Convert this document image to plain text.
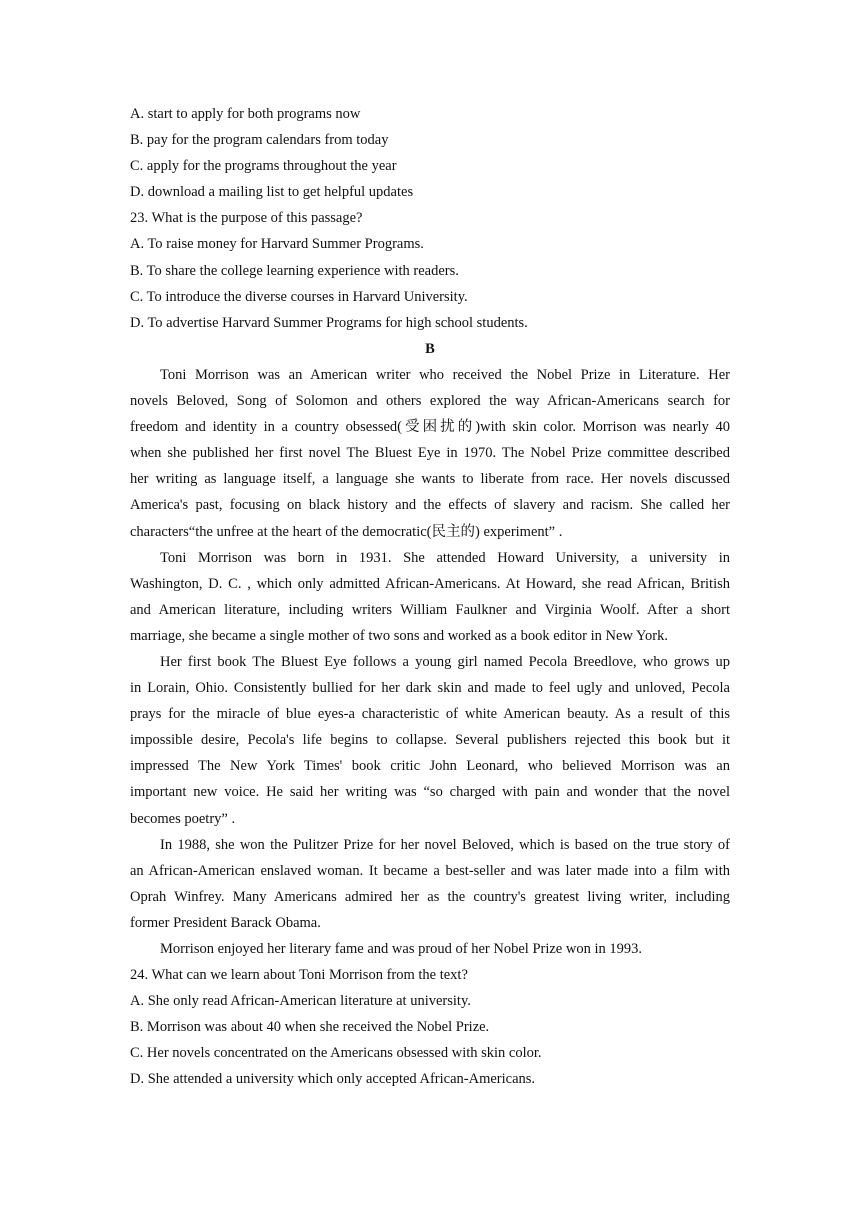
A. start to apply for both programs now
B. pay for the program calendars from today
C. apply for the programs throughout the year
D. download a mailing list to get helpful updates
23. What is the purpose of this passage?
A. To raise money for Harvard Summer Programs.
B. To share the college learning experience with readers.
C. To introduce the diverse courses in Harvard University.
D. To advertise Harvard Summer Programs for high school students.
B
Toni Morrison was an American writer who received the Nobel Prize in Literature. Her
novels Beloved, Song of Solomon and others explored the way African-Americans search for
freedom and identity in a country obsessed(受困扰的)with skin color. Morrison was nearly 40
when she published her first novel The Bluest Eye in 1970. The Nobel Prize committee described
her writing as language itself, a language she wants to liberate from race. Her novels discussed
America's past, focusing on black history and the effects of slavery and racism. She called her
characters“the unfree at the heart of the democratic(民主的) experiment” .
Toni Morrison was born in 1931. She attended Howard University, a university in
Washington, D. C. , which only admitted African-Americans. At Howard, she read African, British
and American literature, including writers William Faulkner and Virginia Woolf. After a short
marriage, she became a single mother of two sons and worked as a book editor in New York.
Her first book The Bluest Eye follows a young girl named Pecola Breedlove, who grows up
in Lorain, Ohio. Consistently bullied for her dark skin and made to feel ugly and unloved, Pecola
prays for the miracle of blue eyes-a characteristic of white American beauty. As a result of this
impossible desire, Pecola's life begins to collapse. Several publishers rejected this book but it
impressed The New York Times' book critic John Leonard, who believed Morrison was an
important new voice. He said her writing was “so charged with pain and wonder that the novel
becomes poetry” .
In 1988, she won the Pulitzer Prize for her novel Beloved, which is based on the true story of
an African-American enslaved woman. It became a best-seller and was later made into a film with
Oprah Winfrey. Many Americans admired her as the country's greatest living writer, including
former President Barack Obama.
Morrison enjoyed her literary fame and was proud of her Nobel Prize won in 1993.
24. What can we learn about Toni Morrison from the text?
A. She only read African-American literature at university.
B. Morrison was about 40 when she received the Nobel Prize.
C. Her novels concentrated on the Americans obsessed with skin color.
D. She attended a university which only accepted African-Americans.
